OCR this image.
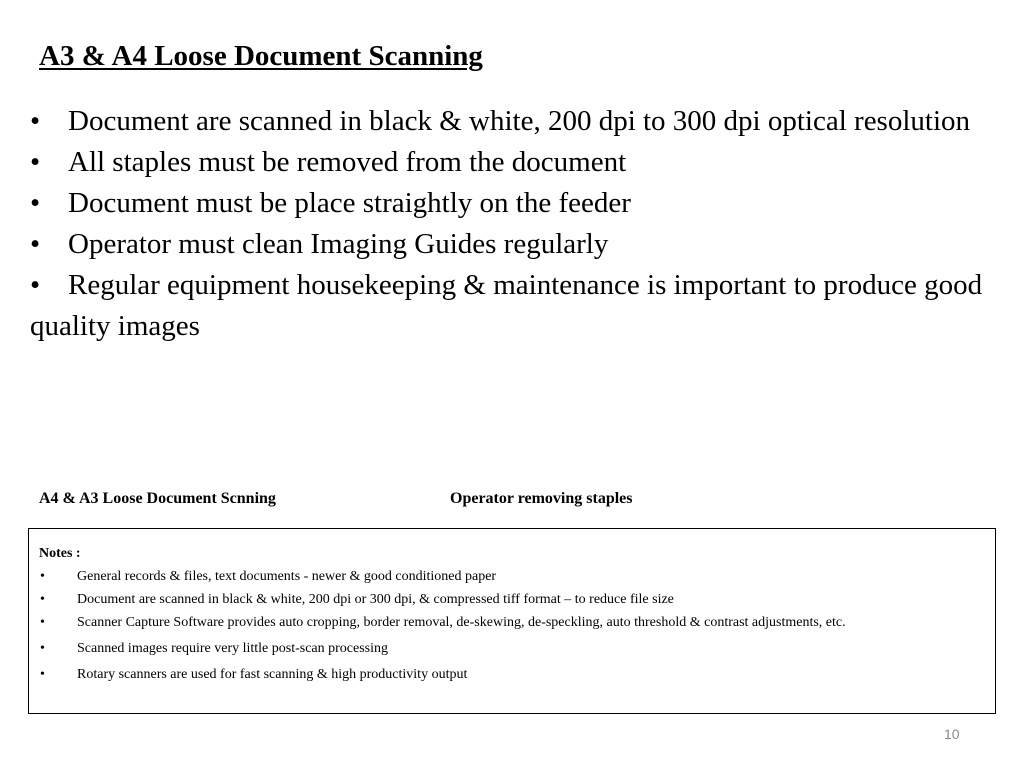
A3 & A4 Loose Document Scanning
• Document are scanned in black & white, 200 dpi to 300 dpi optical resolution
• All staples must be removed from the document
• Document must be place straightly on the feeder
• Operator must clean Imaging Guides regularly
• Regular equipment housekeeping & maintenance is important to produce good quality images
A4 & A3 Loose Document Scnning	Operator removing staples
Notes :
• General records & files, text documents - newer & good conditioned paper
• Document are scanned in black & white, 200 dpi or 300 dpi, & compressed tiff format – to reduce file size
• Scanner Capture Software provides auto cropping, border removal, de-skewing, de-speckling, auto threshold & contrast adjustments, etc.
• Scanned images require very little post-scan processing
• Rotary scanners are used for fast scanning & high productivity output
10
